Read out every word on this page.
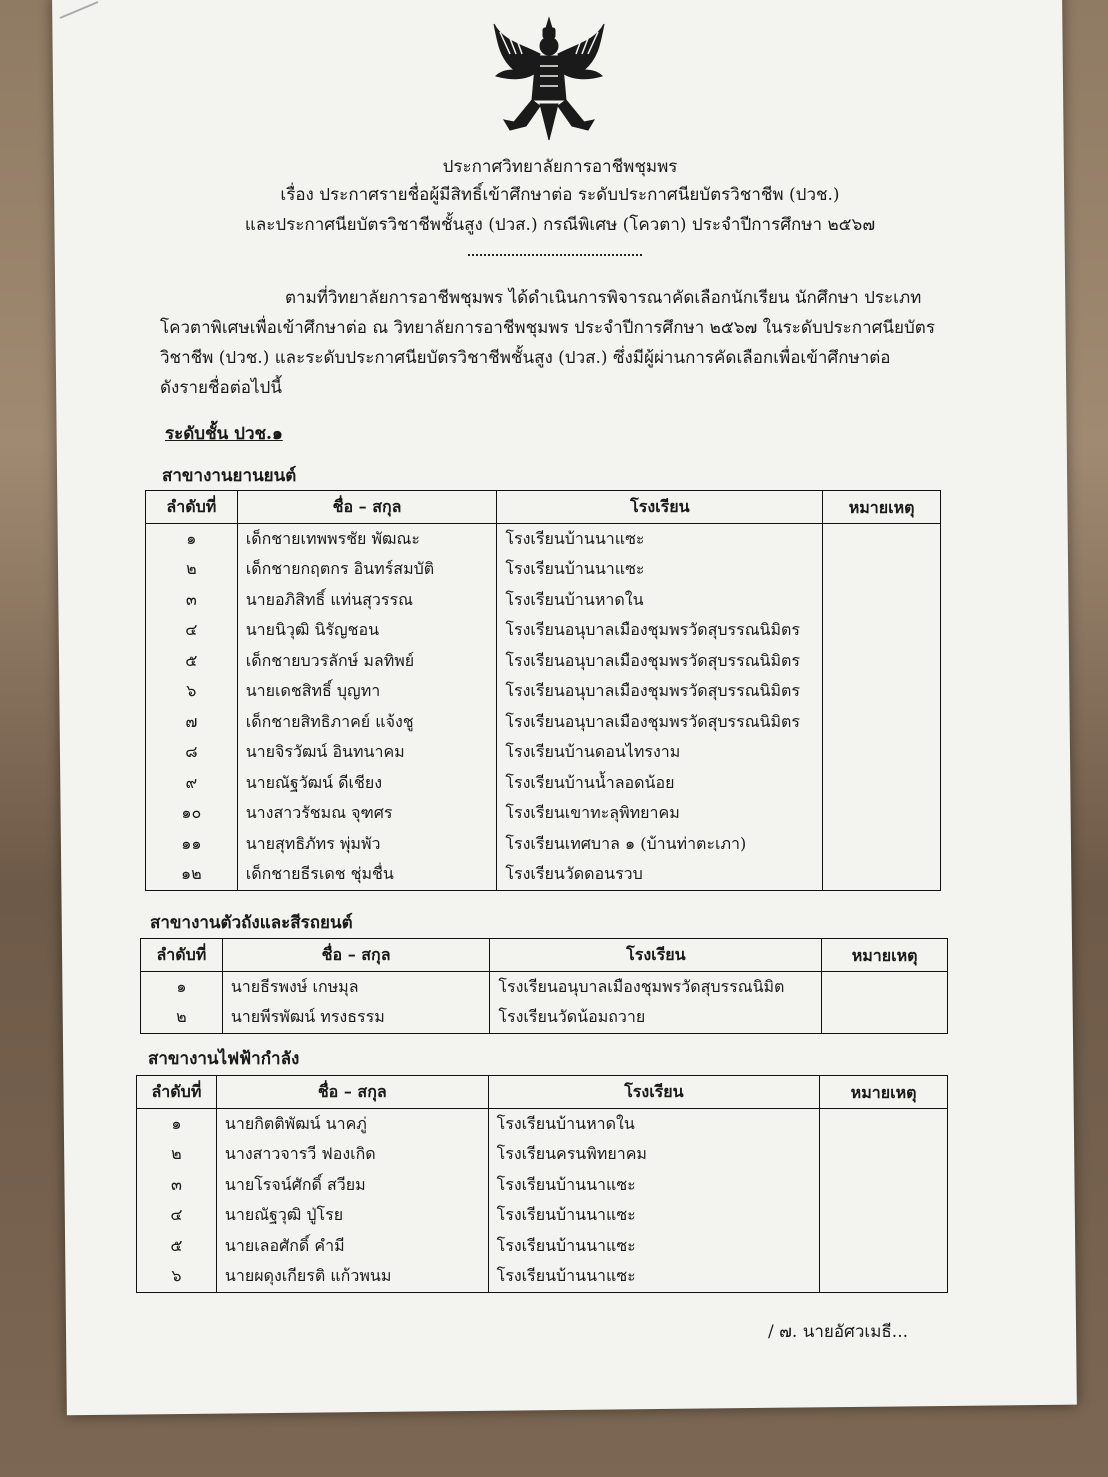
ประกาศวิทยาลัยการอาชีพชุมพร
เรื่อง ประกาศรายชื่อผู้มีสิทธิ์เข้าศึกษาต่อ ระดับประกาศนียบัตรวิชาชีพ (ปวช.)
และประกาศนียบัตรวิชาชีพชั้นสูง (ปวส.) กรณีพิเศษ (โควตา) ประจำปีการศึกษา ๒๕๖๗
ตามที่วิทยาลัยการอาชีพชุมพร ได้ดำเนินการพิจารณาคัดเลือกนักเรียน นักศึกษา ประเภท
โควตาพิเศษเพื่อเข้าศึกษาต่อ ณ วิทยาลัยการอาชีพชุมพร ประจำปีการศึกษา ๒๕๖๗ ในระดับประกาศนียบัตร
วิชาชีพ (ปวช.) และระดับประกาศนียบัตรวิชาชีพชั้นสูง (ปวส.) ซึ่งมีผู้ผ่านการคัดเลือกเพื่อเข้าศึกษาต่อ
ดังรายชื่อต่อไปนี้
ระดับชั้น ปวช.๑
สาขางานยานยนต์
ลำดับที่	ชื่อ – สกุล	โรงเรียน	หมายเหตุ
๑	เด็กชายเทพพรชัย พัฒณะ	โรงเรียนบ้านนาแซะ	
๒	เด็กชายกฤตกร อินทร์สมบัติ	โรงเรียนบ้านนาแซะ	
๓	นายอภิสิทธิ์ แท่นสุวรรณ	โรงเรียนบ้านหาดใน	
๔	นายนิวุฒิ นิรัญชอน	โรงเรียนอนุบาลเมืองชุมพรวัดสุบรรณนิมิตร	
๕	เด็กชายบวรลักษ์ มลทิพย์	โรงเรียนอนุบาลเมืองชุมพรวัดสุบรรณนิมิตร	
๖	นายเดชสิทธิ์ บุญทา	โรงเรียนอนุบาลเมืองชุมพรวัดสุบรรณนิมิตร	
๗	เด็กชายสิทธิภาคย์ แจ้งชู	โรงเรียนอนุบาลเมืองชุมพรวัดสุบรรณนิมิตร	
๘	นายจิรวัฒน์ อินทนาคม	โรงเรียนบ้านดอนไทรงาม	
๙	นายณัฐวัฒน์ ดีเชียง	โรงเรียนบ้านน้ำลอดน้อย	
๑๐	นางสาวรัชมณ จุฑศร	โรงเรียนเขาทะลุพิทยาคม	
๑๑	นายสุทธิภัทร พุ่มพัว	โรงเรียนเทศบาล ๑ (บ้านท่าตะเภา)	
๑๒	เด็กชายธีรเดช ชุ่มชื่น	โรงเรียนวัดดอนรวบ	
สาขางานตัวถังและสีรถยนต์
ลำดับที่	ชื่อ – สกุล	โรงเรียน	หมายเหตุ
๑	นายธีรพงษ์ เกษมุล	โรงเรียนอนุบาลเมืองชุมพรวัดสุบรรณนิมิต	
๒	นายพีรพัฒน์ ทรงธรรม	โรงเรียนวัดน้อมถวาย	
สาขางานไฟฟ้ากำลัง
ลำดับที่	ชื่อ – สกุล	โรงเรียน	หมายเหตุ
๑	นายกิตติพัฒน์ นาคภู่	โรงเรียนบ้านหาดใน	
๒	นางสาวจารวี ฟองเกิด	โรงเรียนครนพิทยาคม	
๓	นายโรจน์ศักดิ์ สวียม	โรงเรียนบ้านนาแซะ	
๔	นายณัฐวุฒิ ปู่โรย	โรงเรียนบ้านนาแซะ	
๕	นายเลอศักดิ์ คำมี	โรงเรียนบ้านนาแซะ	
๖	นายผดุงเกียรติ แก้วพนม	โรงเรียนบ้านนาแซะ	
/ ๗. นายอัศวเมธี...
